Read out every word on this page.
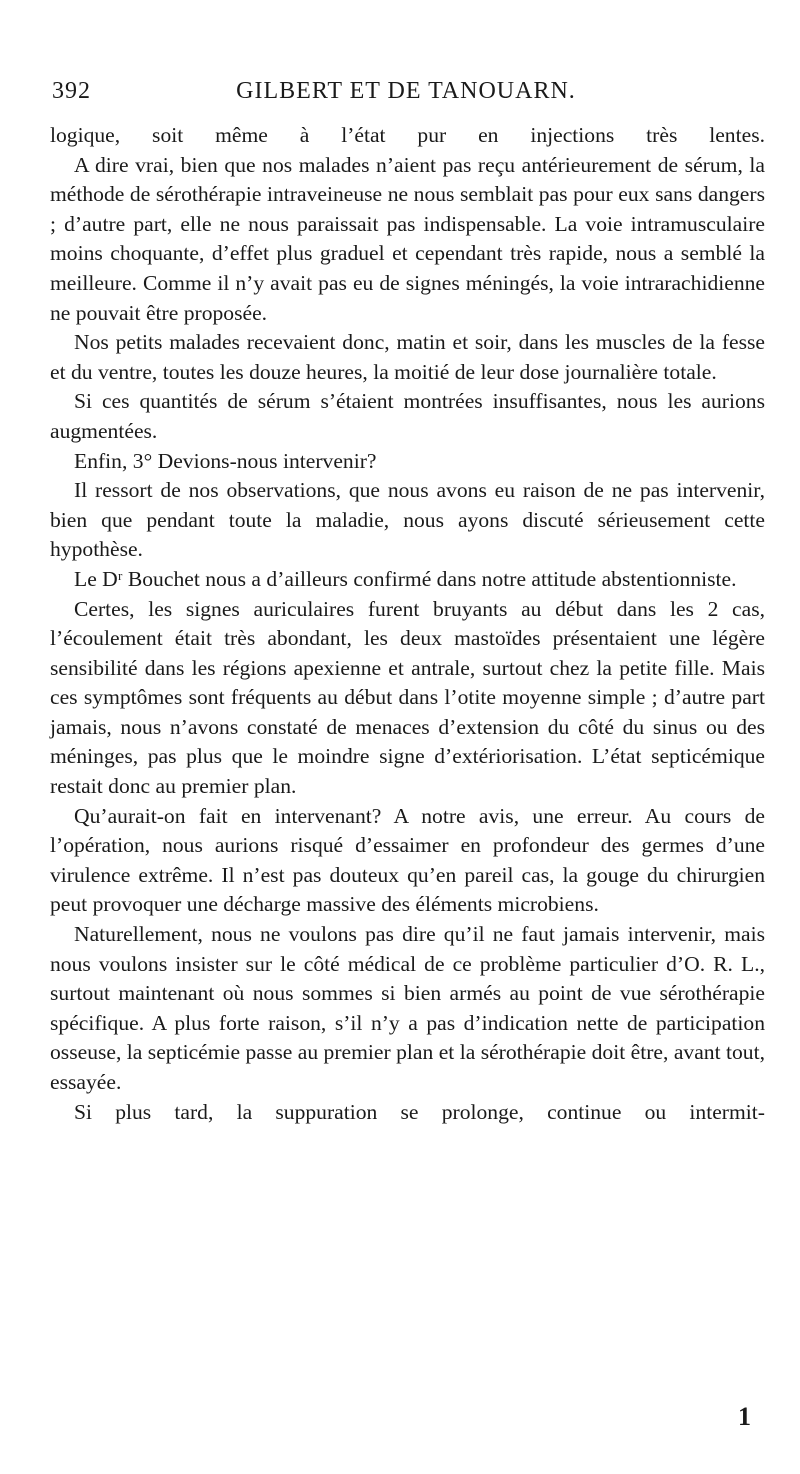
392	GILBERT ET DE TANOUARN.

logique, soit même à l’état pur en injections très lentes.

A dire vrai, bien que nos malades n’aient pas reçu antérieurement de sérum, la méthode de sérothérapie intraveineuse ne nous semblait pas pour eux sans dangers ; d’autre part, elle ne nous paraissait pas indispensable. La voie intramusculaire moins choquante, d’effet plus graduel et cependant très rapide, nous a semblé la meilleure. Comme il n’y avait pas eu de signes méningés, la voie intrarachidienne ne pouvait être proposée.

Nos petits malades recevaient donc, matin et soir, dans les muscles de la fesse et du ventre, toutes les douze heures, la moitié de leur dose journalière totale.

Si ces quantités de sérum s’étaient montrées insuffisantes, nous les aurions augmentées.

Enfin, 3° Devions-nous intervenir?

Il ressort de nos observations, que nous avons eu raison de ne pas intervenir, bien que pendant toute la maladie, nous ayons discuté sérieusement cette hypothèse.

Le Dʳ Bouchet nous a d’ailleurs confirmé dans notre attitude abstentionniste.

Certes, les signes auriculaires furent bruyants au début dans les 2 cas, l’écoulement était très abondant, les deux mastoïdes présentaient une légère sensibilité dans les régions apexienne et antrale, surtout chez la petite fille. Mais ces symptômes sont fréquents au début dans l’otite moyenne simple ; d’autre part jamais, nous n’avons constaté de menaces d’extension du côté du sinus ou des méninges, pas plus que le moindre signe d’extériorisation. L’état septicémique restait donc au premier plan.

Qu’aurait-on fait en intervenant? A notre avis, une erreur. Au cours de l’opération, nous aurions risqué d’essaimer en profondeur des germes d’une virulence extrême. Il n’est pas douteux qu’en pareil cas, la gouge du chirurgien peut provoquer une décharge massive des éléments microbiens.

Naturellement, nous ne voulons pas dire qu’il ne faut jamais intervenir, mais nous voulons insister sur le côté médical de ce problème particulier d’O. R. L., surtout maintenant où nous sommes si bien armés au point de vue sérothérapie spécifique. A plus forte raison, s’il n’y a pas d’indication nette de participation osseuse, la septicémie passe au premier plan et la sérothérapie doit être, avant tout, essayée.

Si plus tard, la suppuration se prolonge, continue ou intermit-

1
